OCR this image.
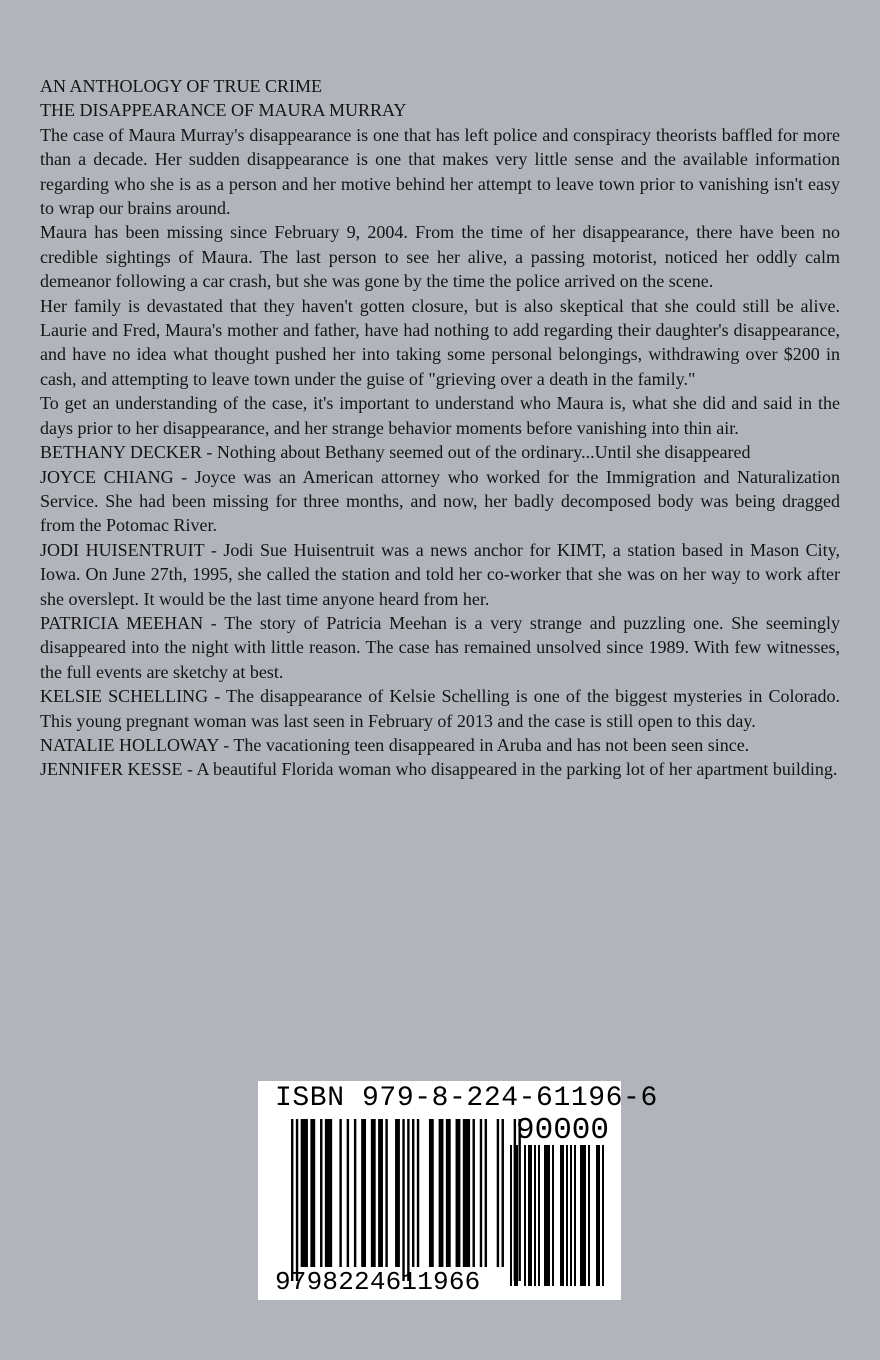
AN ANTHOLOGY OF TRUE CRIME

THE DISAPPEARANCE OF MAURA MURRAY

The case of Maura Murray's disappearance is one that has left police and conspiracy theorists baffled for more than a decade. Her sudden disappearance is one that makes very little sense and the available information regarding who she is as a person and her motive behind her attempt to leave town prior to vanishing isn't easy to wrap our brains around.

Maura has been missing since February 9, 2004. From the time of her disappearance, there have been no credible sightings of Maura. The last person to see her alive, a passing motorist, noticed her oddly calm demeanor following a car crash, but she was gone by the time the police arrived on the scene.

Her family is devastated that they haven't gotten closure, but is also skeptical that she could still be alive. Laurie and Fred, Maura's mother and father, have had nothing to add regarding their daughter's disappearance, and have no idea what thought pushed her into taking some personal belongings, withdrawing over $200 in cash, and attempting to leave town under the guise of "grieving over a death in the family."

To get an understanding of the case, it's important to understand who Maura is, what she did and said in the days prior to her disappearance, and her strange behavior moments before vanishing into thin air.

BETHANY DECKER - Nothing about Bethany seemed out of the ordinary...Until she disappeared

JOYCE CHIANG - Joyce was an American attorney who worked for the Immigration and Naturalization Service. She had been missing for three months, and now, her badly decomposed body was being dragged from the Potomac River.

JODI HUISENTRUIT - Jodi Sue Huisentruit was a news anchor for KIMT, a station based in Mason City, Iowa. On June 27th, 1995, she called the station and told her co-worker that she was on her way to work after she overslept. It would be the last time anyone heard from her.

PATRICIA MEEHAN - The story of Patricia Meehan is a very strange and puzzling one. She seemingly disappeared into the night with little reason. The case has remained unsolved since 1989. With few witnesses, the full events are sketchy at best.

KELSIE SCHELLING - The disappearance of Kelsie Schelling is one of the biggest mysteries in Colorado. This young pregnant woman was last seen in February of 2013 and the case is still open to this day.

NATALIE HOLLOWAY - The vacationing teen disappeared in Aruba and has not been seen since.

JENNIFER KESSE - A beautiful Florida woman who disappeared in the parking lot of her apartment building.

ISBN 979-8-224-61196-6
90000
9798224611966
